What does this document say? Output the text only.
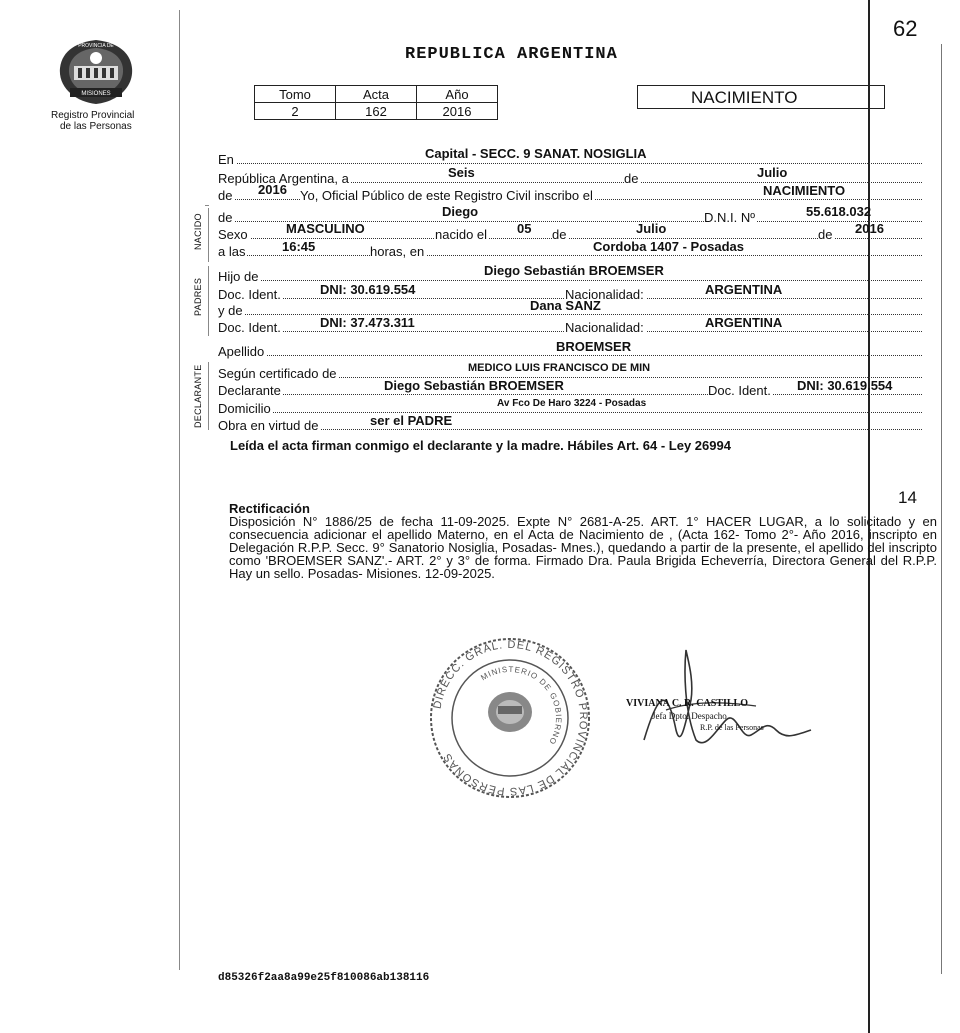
62
MISIONES
PROVINCIA DE
Registro Provincial
de las Personas
REPUBLICA ARGENTINA
Tomo	Acta	Año
2	162	2016
NACIMIENTO
NACIDO
PADRES
DECLARANTE
En	Capital - SECC. 9 SANAT. NOSIGLIA
República Argentina, a	Seis	de	Julio
de 2016 Yo, Oficial Público de este Registro Civil inscribo el	NACIMIENTO
de	Diego	D.N.I. Nº	55.618.032
Sexo	MASCULINO	nacido el 05 de	Julio	de 2016
a las	16:45	horas, en	Cordoba 1407 - Posadas
Hijo de	Diego Sebastián BROEMSER
Doc. Ident.	DNI: 30.619.554	Nacionalidad:	ARGENTINA
y de	Dana SANZ
Doc. Ident.	DNI: 37.473.311	Nacionalidad:	ARGENTINA
Apellido	BROEMSER
Según certificado de	MEDICO LUIS FRANCISCO DE MIN
Declarante	Diego Sebastián BROEMSER	Doc. Ident. DNI: 30.619.554
Domicilio	Av Fco De Haro 3224 - Posadas
Obra en virtud de	ser el PADRE
Leída el acta firman conmigo el declarante y la madre. Hábiles Art. 64 - Ley 26994
14
Rectificación
Disposición N° 1886/25 de fecha 11-09-2025. Expte N° 2681-A-25. ART. 1° HACER LUGAR, a lo solicitado y en consecuencia adicionar el apellido Materno, en el Acta de Nacimiento de , (Acta 162- Tomo 2°- Año 2016, inscripto en Delegación R.P.P. Secc. 9° Sanatorio Nosiglia, Posadas- Mnes.), quedando a partir de la presente, el apellido del inscripto como 'BROEMSER SANZ'.- ART. 2° y 3° de forma. Firmado Dra. Paula Brigida Echeverría, Directora General del R.P.P. Hay un sello. Posadas- Misiones. 12-09-2025.
DIRECC. GRAL. DEL REGISTRO PROVINCIAL DE LAS PERSONAS
MINISTERIO DE GOBIERNO
VIVIANA C. R. CASTILLO
Jefa Dpto. Despacho
R.P. de las Personas
d85326f2aa8a99e25f810086ab138116
